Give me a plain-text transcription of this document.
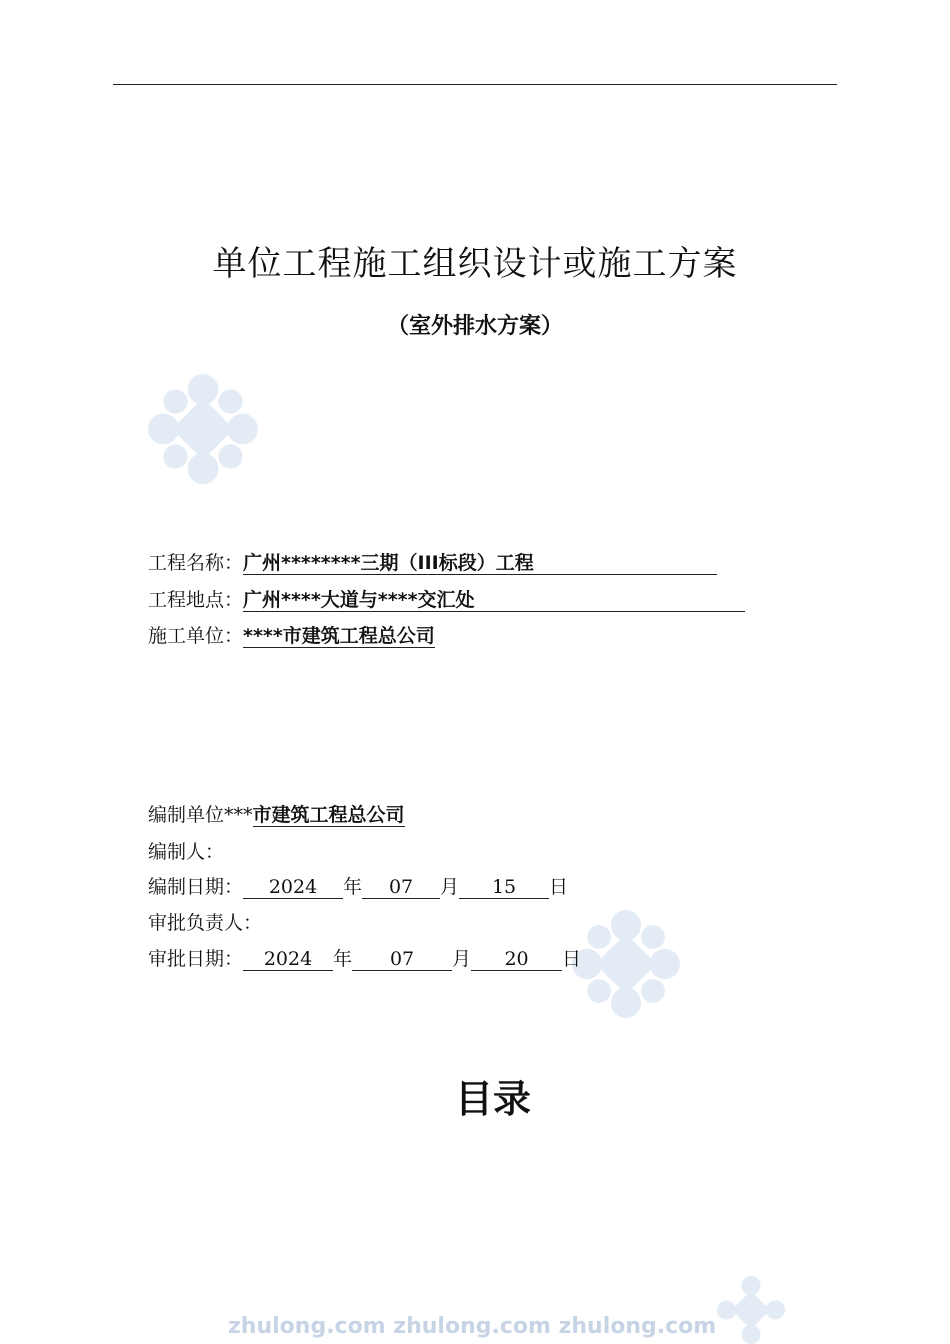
单位工程施工组织设计或施工方案
（室外排水方案）
工程名称：广州********三期（III标段）工程
工程地点：广州****大道与****交汇处
施工单位：****市建筑工程总公司
编制单位***市建筑工程总公司
编制人：
编制日期： 2024 年 07 月 15 日
审批负责人：
审批日期： 2024 年 07 月 20 日
目录
zhulong.com zhulong.com zhulong.com
